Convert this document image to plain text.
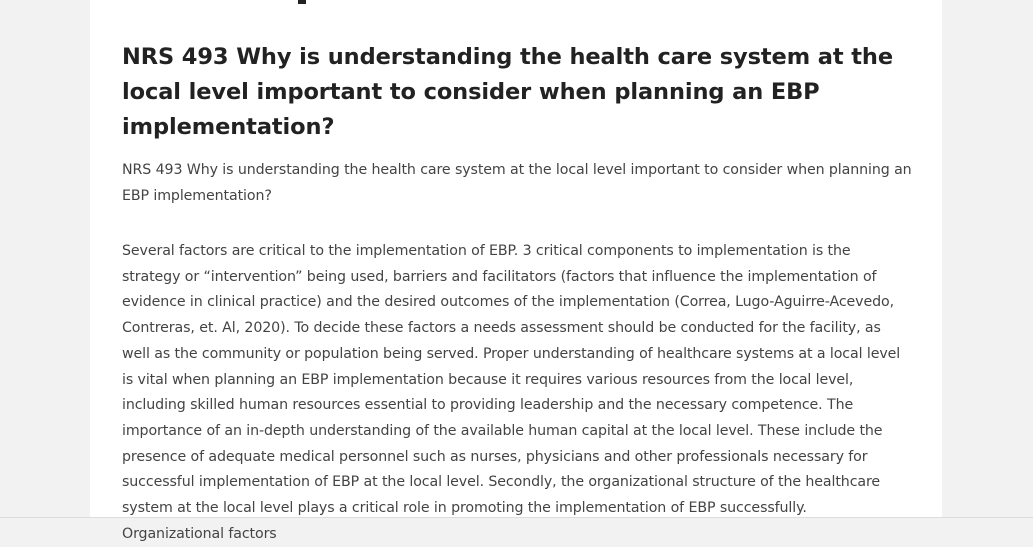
NRS 493 Why is understanding the health care system at the local level important to consider when planning an EBP implementation?

NRS 493 Why is understanding the health care system at the local level important to consider when planning an EBP implementation?

Several factors are critical to the implementation of EBP. 3 critical components to implementation is the strategy or “intervention” being used, barriers and facilitators (factors that influence the implementation of evidence in clinical practice) and the desired outcomes of the implementation (Correa, Lugo-Aguirre-Acevedo, Contreras, et. Al, 2020). To decide these factors a needs assessment should be conducted for the facility, as well as the community or population being served. Proper understanding of healthcare systems at a local level is vital when planning an EBP implementation because it requires various resources from the local level, including skilled human resources essential to providing leadership and the necessary competence. The importance of an in-depth understanding of the available human capital at the local level. These include the presence of adequate medical personnel such as nurses, physicians and other professionals necessary for successful implementation of EBP at the local level. Secondly, the organizational structure of the healthcare system at the local level plays a critical role in promoting the implementation of EBP successfully. Organizational factors
